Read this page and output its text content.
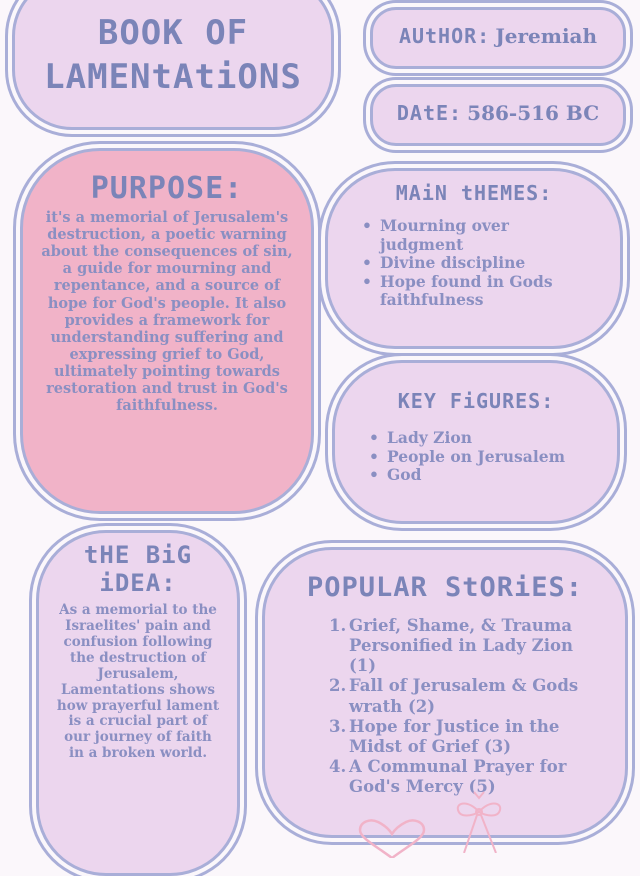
BOOK OF
LAMENtAtiONS
AUtHOR: Jeremiah
DAtE: 586-516 BC
PURPOSE:
it's a memorial of Jerusalem's destruction, a poetic warning about the consequences of sin, a guide for mourning and repentance, and a source of hope for God's people. It also provides a framework for understanding suffering and expressing grief to God, ultimately pointing towards restoration and trust in God's faithfulness.
MAiN tHEMES:
• Mourning over judgment
• Divine discipline
• Hope found in Gods faithfulness
KEY FiGURES:
• Lady Zion
• People on Jerusalem
• God
tHE BiG
iDEA:
As a memorial to the Israelites' pain and confusion following the destruction of Jerusalem, Lamentations shows how prayerful lament is a crucial part of our journey of faith in a broken world.
POPULAR StORiES:
1. Grief, Shame, & Trauma Personified in Lady Zion (1)
2. Fall of Jerusalem & Gods wrath (2)
3. Hope for Justice in the Midst of Grief (3)
4. A Communal Prayer for God's Mercy (5)
